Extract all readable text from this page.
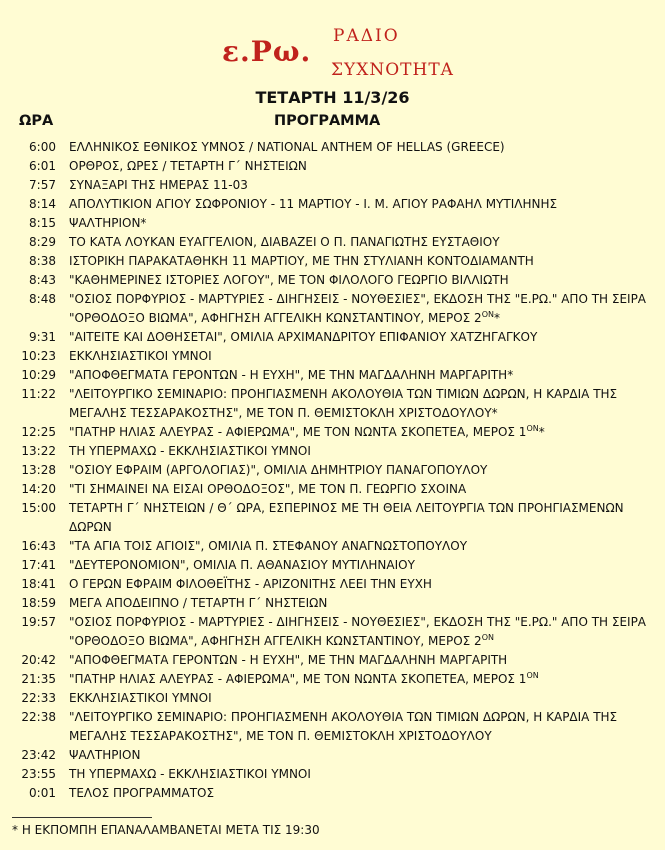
ε.Ρω. ΡΑΔΙΟ
ΣΥΧΝΟΤΗΤΑ
ΤΕΤΑΡΤΗ 11/3/26
ΩΡΑ	ΠΡΟΓΡΑΜΜΑ
6:00 ΕΛΛΗΝΙΚΟΣ ΕΘΝΙΚΟΣ ΥΜΝΟΣ / NATIONAL ANTHEM OF HELLAS (GREECE)
6:01 ΟΡΘΡΟΣ, ΩΡΕΣ / ΤΕΤΑΡΤΗ Γ΄ ΝΗΣΤΕΙΩΝ
7:57 ΣΥΝΑΞΑΡΙ ΤΗΣ ΗΜΕΡΑΣ 11-03
8:14 ΑΠΟΛΥΤΙΚΙΟΝ ΑΓΙΟΥ ΣΩΦΡΟΝΙΟΥ - 11 ΜΑΡΤΙΟΥ - Ι. Μ. ΑΓΙΟΥ ΡΑΦΑΗΛ ΜΥΤΙΛΗΝΗΣ
8:15 ΨΑΛΤΗΡΙΟΝ*
8:29 ΤΟ ΚΑΤΑ ΛΟΥΚΑΝ ΕΥΑΓΓΕΛΙΟΝ, ΔΙΑΒΑΖΕΙ Ο Π. ΠΑΝΑΓΙΩΤΗΣ ΕΥΣΤΑΘΙΟΥ
8:38 ΙΣΤΟΡΙΚΗ ΠΑΡΑΚΑΤΑΘΗΚΗ 11 ΜΑΡΤΙΟΥ, ΜΕ ΤΗΝ ΣΤΥΛΙΑΝΗ ΚΟΝΤΟΔΙΑΜΑΝΤΗ
8:43 "ΚΑΘΗΜΕΡΙΝΕΣ ΙΣΤΟΡΙΕΣ ΛΟΓΟΥ", ΜΕ ΤΟΝ ΦΙΛΟΛΟΓΟ ΓΕΩΡΓΙΟ ΒΙΛΛΙΩΤΗ
8:48 "ΟΣΙΟΣ ΠΟΡΦΥΡΙΟΣ - ΜΑΡΤΥΡΙΕΣ - ΔΙΗΓΗΣΕΙΣ - ΝΟΥΘΕΣΙΕΣ", ΕΚΔΟΣΗ ΤΗΣ "Ε.ΡΩ." ΑΠΟ ΤΗ ΣΕΙΡΑ "ΟΡΘΟΔΟΞΟ ΒΙΩΜΑ", ΑΦΗΓΗΣΗ ΑΓΓΕΛΙΚΗ ΚΩΝΣΤΑΝΤΙΝΟΥ, ΜΕΡΟΣ $2^{ON}*$
9:31 "ΑΙΤΕΙΤΕ ΚΑΙ ΔΟΘΗΣΕΤΑΙ", ΟΜΙΛΙΑ ΑΡΧΙΜΑΝΔΡΙΤΟΥ ΕΠΙΦΑΝΙΟΥ ΧΑΤΖΗΓΑΓΚΟΥ
10:23 ΕΚΚΛΗΣΙΑΣΤΙΚΟΙ ΥΜΝΟΙ
10:29 "ΑΠΟΦΘΕΓΜΑΤΑ ΓΕΡΟΝΤΩΝ - Η ΕΥΧΗ", ΜΕ ΤΗΝ ΜΑΓΔΑΛΗΝΗ ΜΑΡΓΑΡΙΤΗ*
11:22 "ΛΕΙΤΟΥΡΓΙΚΟ ΣΕΜΙΝΑΡΙΟ: ΠΡΟΗΓΙΑΣΜΕΝΗ ΑΚΟΛΟΥΘΙΑ ΤΩΝ ΤΙΜΙΩΝ ΔΩΡΩΝ, Η ΚΑΡΔΙΑ ΤΗΣ ΜΕΓΑΛΗΣ ΤΕΣΣΑΡΑΚΟΣΤΗΣ", ΜΕ ΤΟΝ Π. ΘΕΜΙΣΤΟΚΛΗ ΧΡΙΣΤΟΔΟΥΛΟΥ*
12:25 "ΠΑΤΗΡ ΗΛΙΑΣ ΑΛΕΥΡΑΣ - ΑΦΙΕΡΩΜΑ", ΜΕ ΤΟΝ ΝΩΝΤΑ ΣΚΟΠΕΤΕΑ, ΜΕΡΟΣ $1^{ON}*$
13:22 ΤΗ ΥΠΕΡΜΑΧΩ - ΕΚΚΛΗΣΙΑΣΤΙΚΟΙ ΥΜΝΟΙ
13:28 "ΟΣΙΟΥ ΕΦΡΑΙΜ (ΑΡΓΟΛΟΓΙΑΣ)", ΟΜΙΛΙΑ ΔΗΜΗΤΡΙΟΥ ΠΑΝΑΓΟΠΟΥΛΟΥ
14:20 "ΤΙ ΣΗΜΑΙΝΕΙ ΝΑ ΕΙΣΑΙ ΟΡΘΟΔΟΞΟΣ", ΜΕ ΤΟΝ Π. ΓΕΩΡΓΙΟ ΣΧΟΙΝΑ
15:00 ΤΕΤΑΡΤΗ Γ΄ ΝΗΣΤΕΙΩΝ / Θ΄ ΩΡΑ, ΕΣΠΕΡΙΝΟΣ ΜΕ ΤΗ ΘΕΙΑ ΛΕΙΤΟΥΡΓΙΑ ΤΩΝ ΠΡΟΗΓΙΑΣΜΕΝΩΝ ΔΩΡΩΝ
16:43 "ΤΑ ΑΓΙΑ ΤΟΙΣ ΑΓΙΟΙΣ", ΟΜΙΛΙΑ Π. ΣΤΕΦΑΝΟΥ ΑΝΑΓΝΩΣΤΟΠΟΥΛΟΥ
17:41 "ΔΕΥΤΕΡΟΝΟΜΙΟΝ", ΟΜΙΛΙΑ Π. ΑΘΑΝΑΣΙΟΥ ΜΥΤΙΛΗΝΑΙΟΥ
18:41 Ο ΓΕΡΩΝ ΕΦΡΑΙΜ ΦΙΛΟΘΕΪΤΗΣ - ΑΡΙΖΟΝΙΤΗΣ ΛΕΕΙ ΤΗΝ ΕΥΧΗ
18:59 ΜΕΓΑ ΑΠΟΔΕΙΠΝΟ / ΤΕΤΑΡΤΗ Γ΄ ΝΗΣΤΕΙΩΝ
19:57 "ΟΣΙΟΣ ΠΟΡΦΥΡΙΟΣ - ΜΑΡΤΥΡΙΕΣ - ΔΙΗΓΗΣΕΙΣ - ΝΟΥΘΕΣΙΕΣ", ΕΚΔΟΣΗ ΤΗΣ "Ε.ΡΩ." ΑΠΟ ΤΗ ΣΕΙΡΑ "ΟΡΘΟΔΟΞΟ ΒΙΩΜΑ", ΑΦΗΓΗΣΗ ΑΓΓΕΛΙΚΗ ΚΩΝΣΤΑΝΤΙΝΟΥ, ΜΕΡΟΣ $2^{ON}$
20:42 "ΑΠΟΦΘΕΓΜΑΤΑ ΓΕΡΟΝΤΩΝ - Η ΕΥΧΗ", ΜΕ ΤΗΝ ΜΑΓΔΑΛΗΝΗ ΜΑΡΓΑΡΙΤΗ
21:35 "ΠΑΤΗΡ ΗΛΙΑΣ ΑΛΕΥΡΑΣ - ΑΦΙΕΡΩΜΑ", ΜΕ ΤΟΝ ΝΩΝΤΑ ΣΚΟΠΕΤΕΑ, ΜΕΡΟΣ $1^{ON}$
22:33 ΕΚΚΛΗΣΙΑΣΤΙΚΟΙ ΥΜΝΟΙ
22:38 "ΛΕΙΤΟΥΡΓΙΚΟ ΣΕΜΙΝΑΡΙΟ: ΠΡΟΗΓΙΑΣΜΕΝΗ ΑΚΟΛΟΥΘΙΑ ΤΩΝ ΤΙΜΙΩΝ ΔΩΡΩΝ, Η ΚΑΡΔΙΑ ΤΗΣ ΜΕΓΑΛΗΣ ΤΕΣΣΑΡΑΚΟΣΤΗΣ", ΜΕ ΤΟΝ Π. ΘΕΜΙΣΤΟΚΛΗ ΧΡΙΣΤΟΔΟΥΛΟΥ
23:42 ΨΑΛΤΗΡΙΟΝ
23:55 ΤΗ ΥΠΕΡΜΑΧΩ - ΕΚΚΛΗΣΙΑΣΤΙΚΟΙ ΥΜΝΟΙ
0:01 ΤΕΛΟΣ ΠΡΟΓΡΑΜΜΑΤΟΣ
* Η ΕΚΠΟΜΠΗ ΕΠΑΝΑΛΑΜΒΑΝΕΤΑΙ ΜΕΤΑ ΤΙΣ 19:30
